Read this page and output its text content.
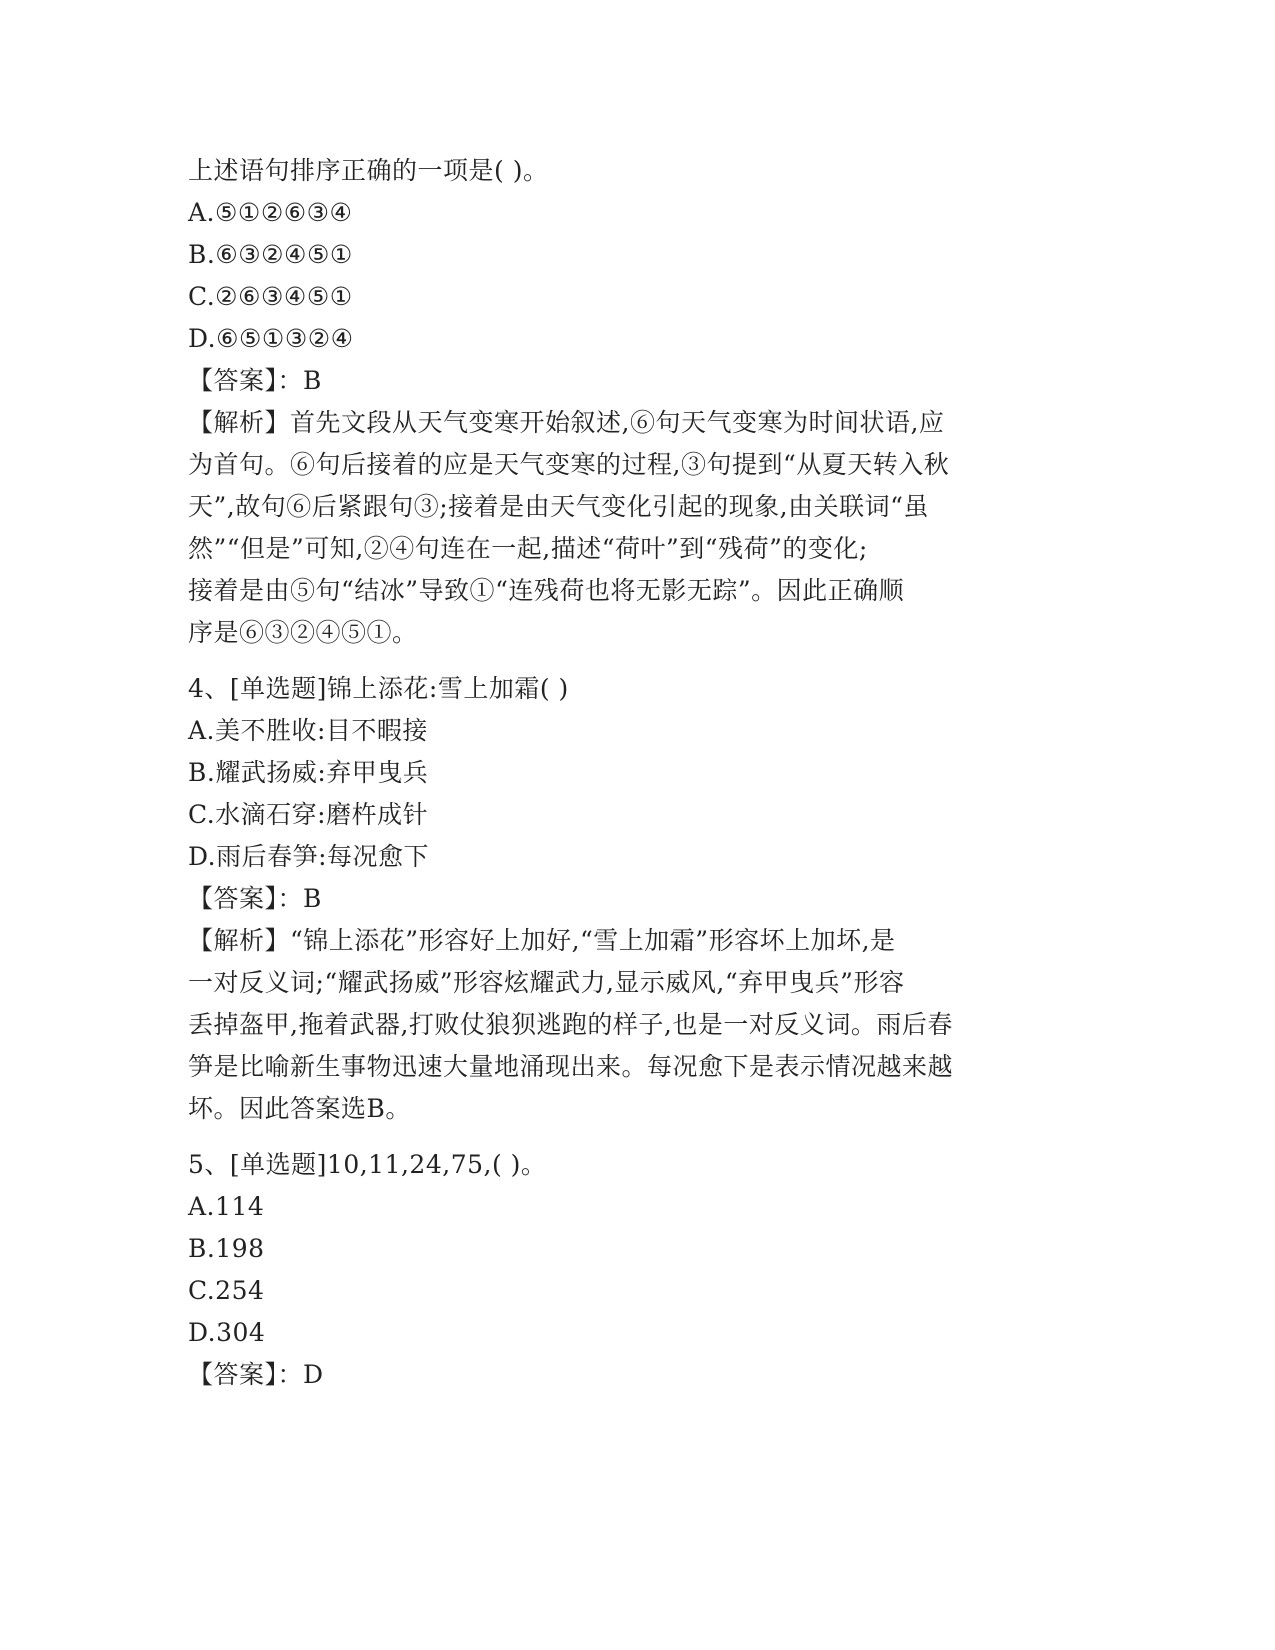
上述语句排序正确的一项是( )。
A.⑤①②⑥③④
B.⑥③②④⑤①
C.②⑥③④⑤①
D.⑥⑤①③②④
【答案】：B
【解析】首先文段从天气变寒开始叙述,⑥句天气变寒为时间状语,应
为首句。⑥句后接着的应是天气变寒的过程,③句提到“从夏天转入秋
天”,故句⑥后紧跟句③;接着是由天气变化引起的现象,由关联词“虽
然”“但是”可知,②④句连在一起,描述“荷叶”到“残荷”的变化;
接着是由⑤句“结冰”导致①“连残荷也将无影无踪”。因此正确顺
序是⑥③②④⑤①。
4、[单选题]锦上添花:雪上加霜( )
A.美不胜收:目不暇接
B.耀武扬威:弃甲曳兵
C.水滴石穿:磨杵成针
D.雨后春笋:每况愈下
【答案】：B
【解析】“锦上添花”形容好上加好,“雪上加霜”形容坏上加坏,是
一对反义词;“耀武扬威”形容炫耀武力,显示威风,“弃甲曳兵”形容
丢掉盔甲,拖着武器,打败仗狼狈逃跑的样子,也是一对反义词。雨后春
笋是比喻新生事物迅速大量地涌现出来。每况愈下是表示情况越来越
坏。因此答案选B。
5、[单选题]10,11,24,75,( )。
A.114
B.198
C.254
D.304
【答案】：D
